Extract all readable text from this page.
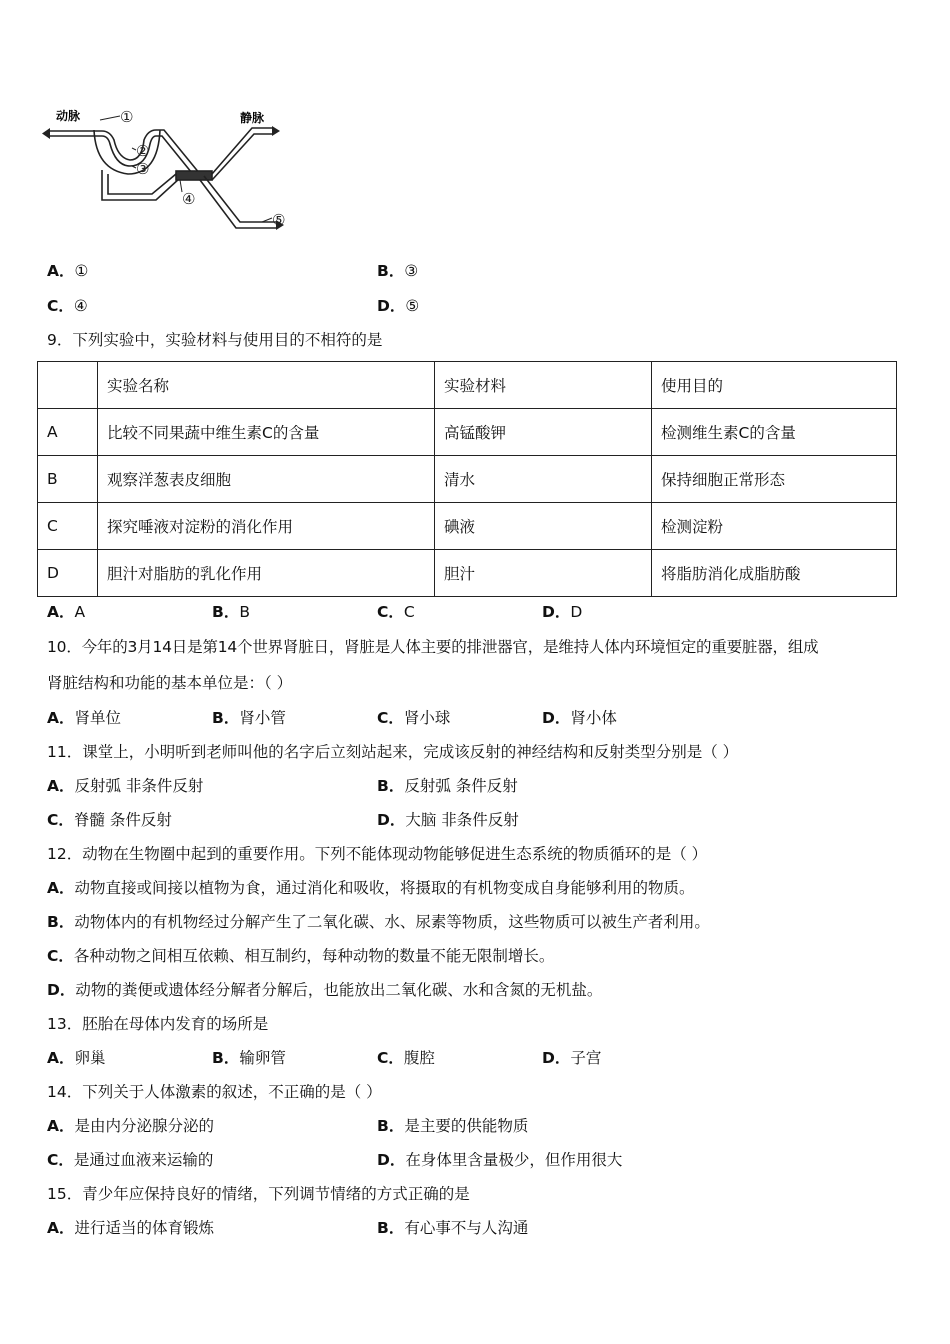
动脉	静脉
①
②
③
④
⑤
A．①	B．③
C．④	D．⑤
9．下列实验中，实验材料与使用目的不相符的是
	实验名称	实验材料	使用目的
A	比较不同果蔬中维生素C的含量	高锰酸钾	检测维生素C的含量
B	观察洋葱表皮细胞	清水	保持细胞正常形态
C	探究唾液对淀粉的消化作用	碘液	检测淀粉
D	胆汁对脂肪的乳化作用	胆汁	将脂肪消化成脂肪酸
A．A	B．B	C．C	D．D
10．今年的3月14日是第14个世界肾脏日，肾脏是人体主要的排泄器官，是维持人体内环境恒定的重要脏器，组成
肾脏结构和功能的基本单位是：（ ）
A．肾单位	B．肾小管	C．肾小球	D．肾小体
11．课堂上，小明听到老师叫他的名字后立刻站起来，完成该反射的神经结构和反射类型分别是（ ）
A．反射弧 非条件反射	B．反射弧 条件反射
C．脊髓 条件反射	D．大脑 非条件反射
12．动物在生物圈中起到的重要作用。下列不能体现动物能够促进生态系统的物质循环的是（ ）
A．动物直接或间接以植物为食，通过消化和吸收，将摄取的有机物变成自身能够利用的物质。
B．动物体内的有机物经过分解产生了二氧化碳、水、尿素等物质，这些物质可以被生产者利用。
C．各种动物之间相互依赖、相互制约，每种动物的数量不能无限制增长。
D．动物的粪便或遗体经分解者分解后，也能放出二氧化碳、水和含氮的无机盐。
13．胚胎在母体内发育的场所是
A．卵巢	B．输卵管	C．腹腔	D．子宫
14．下列关于人体激素的叙述，不正确的是（ ）
A．是由内分泌腺分泌的	B．是主要的供能物质
C．是通过血液来运输的	D．在身体里含量极少，但作用很大
15．青少年应保持良好的情绪，下列调节情绪的方式正确的是
A．进行适当的体育锻炼	B．有心事不与人沟通
